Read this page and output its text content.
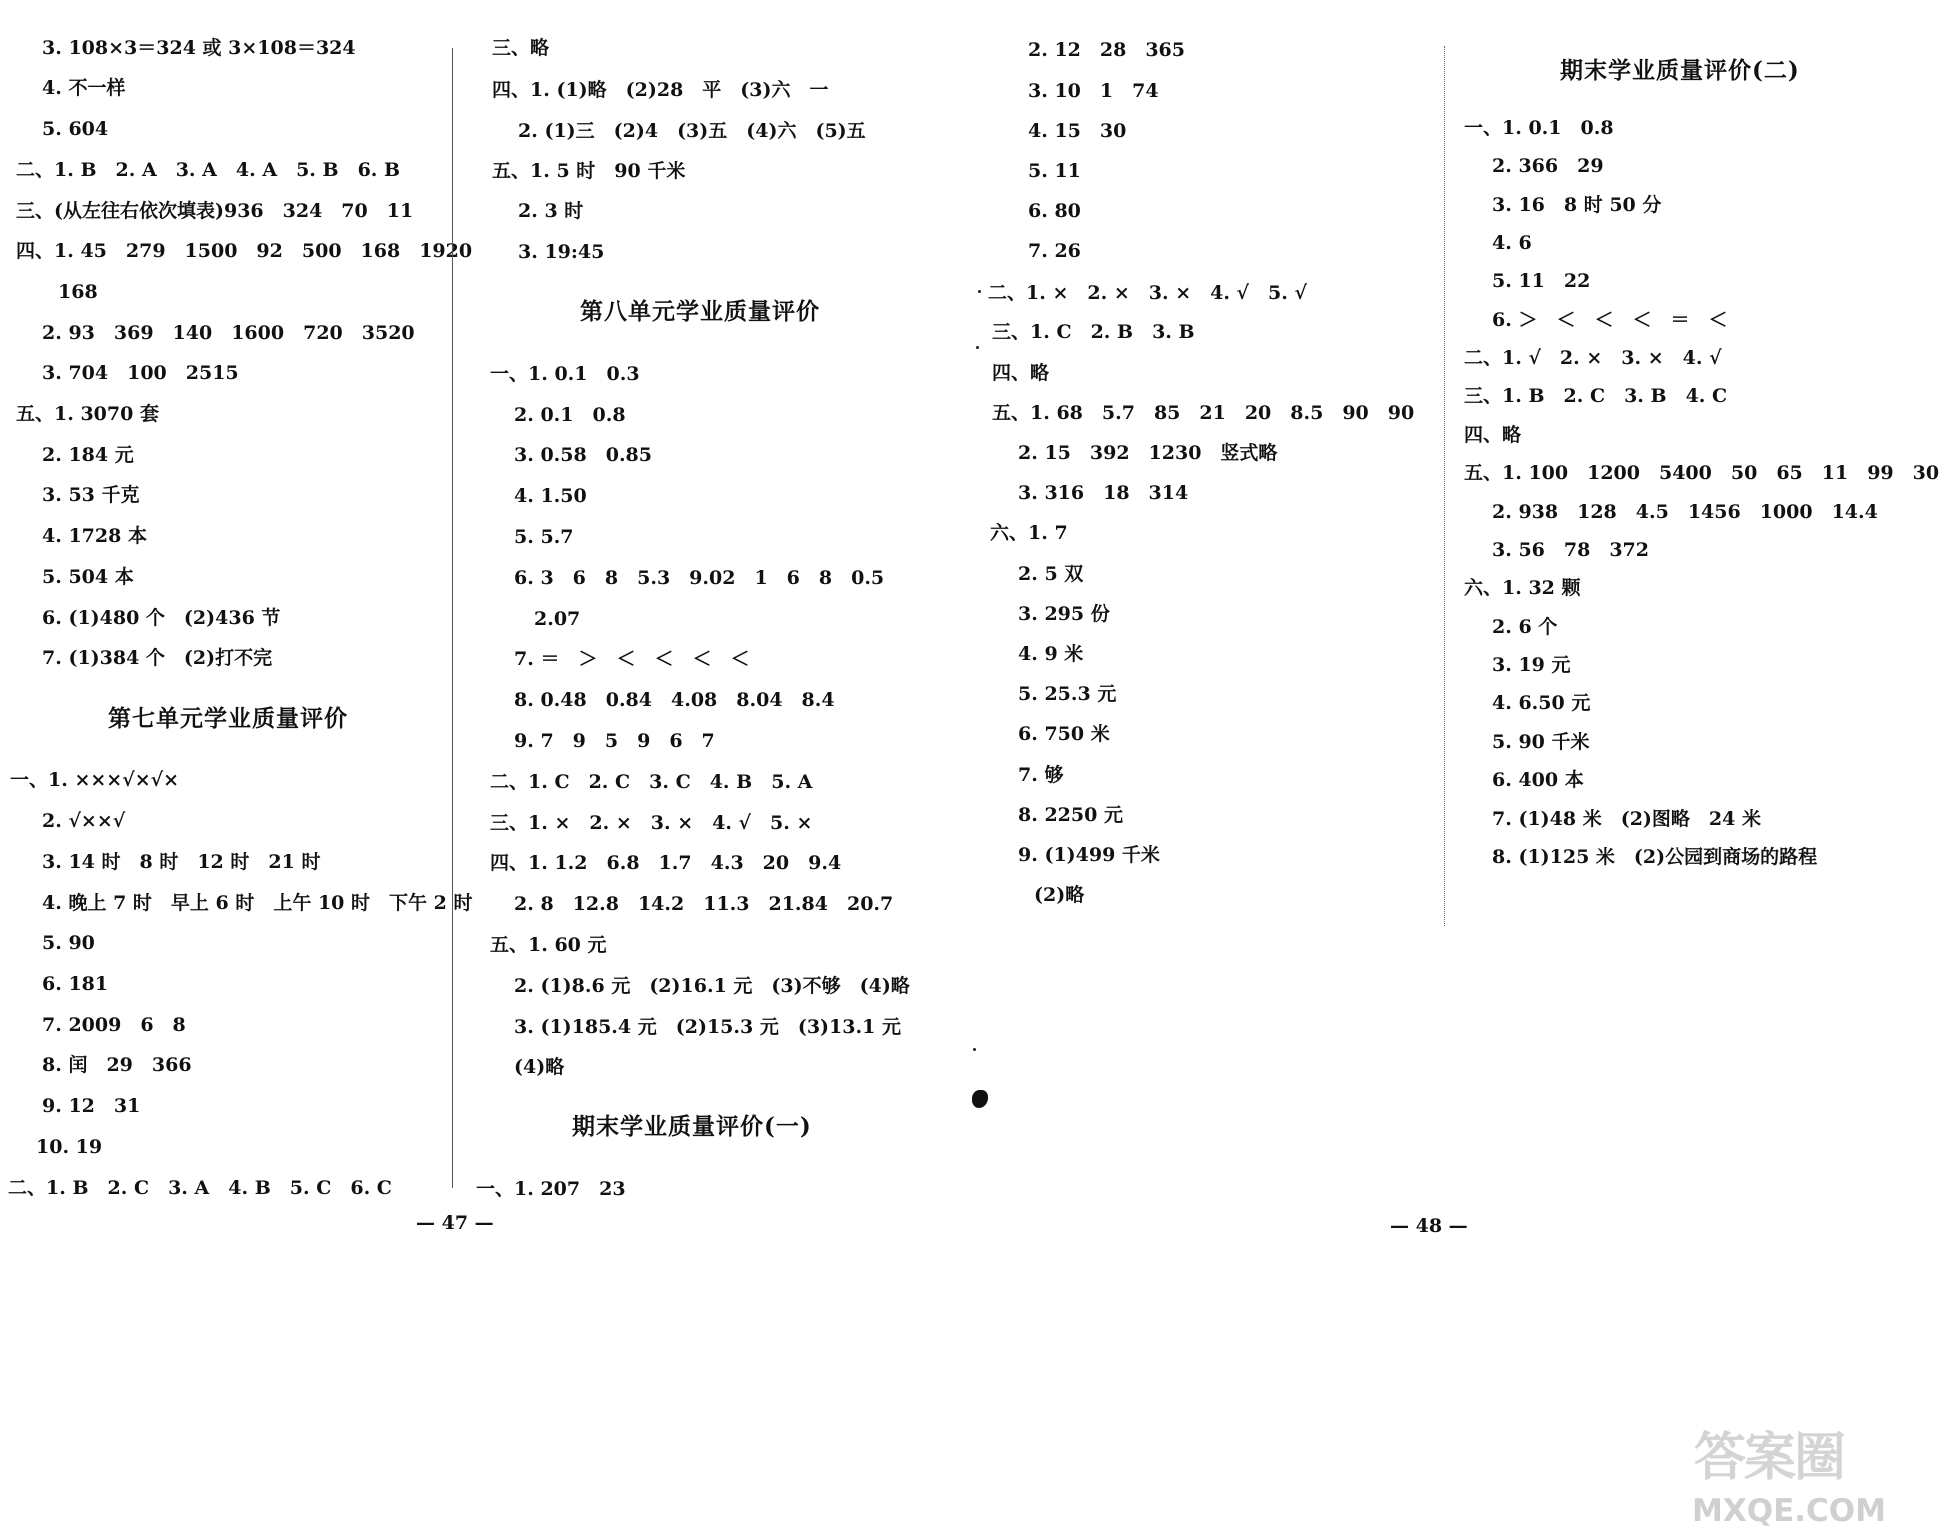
3. 108×3＝324 或 3×108＝324
4. 不一样
5. 604
二、1. B　2. A　3. A　4. A　5. B　6. B
三、(从左往右依次填表)936　324　70　11
四、1. 45　279　1500　92　500　168　1920
168
2. 93　369　140　1600　720　3520
3. 704　100　2515
五、1. 3070 套
2. 184 元
3. 53 千克
4. 1728 本
5. 504 本
6. (1)480 个　(2)436 节
7. (1)384 个　(2)打不完
第七单元学业质量评价
一、1. ×××√×√×
2. √××√
3. 14 时　8 时　12 时　21 时
4. 晚上 7 时　早上 6 时　上午 10 时　下午 2 时
5. 90
6. 181
7. 2009　6　8
8. 闰　29　366
9. 12　31
10. 19
二、1. B　2. C　3. A　4. B　5. C　6. C
三、略
四、1. (1)略　(2)28　平　(3)六　一
2. (1)三　(2)4　(3)五　(4)六　(5)五
五、1. 5 时　90 千米
2. 3 时
3. 19:45
第八单元学业质量评价
一、1. 0.1　0.3
2. 0.1　0.8
3. 0.58　0.85
4. 1.50
5. 5.7
6. 3　6　8　5.3　9.02　1　6　8　0.5
2.07
7. ＝　＞　＜　＜　＜　＜
8. 0.48　0.84　4.08　8.04　8.4
9. 7　9　5　9　6　7
二、1. C　2. C　3. C　4. B　5. A
三、1. ×　2. ×　3. ×　4. √　5. ×
四、1. 1.2　6.8　1.7　4.3　20　9.4
2. 8　12.8　14.2　11.3　21.84　20.7
五、1. 60 元
2. (1)8.6 元　(2)16.1 元　(3)不够　(4)略
3. (1)185.4 元　(2)15.3 元　(3)13.1 元
(4)略
期末学业质量评价(一)
一、1. 207　23
2. 12　28　365
3. 10　1　74
4. 15　30
5. 11
6. 80
7. 26
二、1. ×　2. ×　3. ×　4. √　5. √
三、1. C　2. B　3. B
四、略
五、1. 68　5.7　85　21　20　8.5　90　90
2. 15　392　1230　竖式略
3. 316　18　314
六、1. 7
2. 5 双
3. 295 份
4. 9 米
5. 25.3 元
6. 750 米
7. 够
8. 2250 元
9. (1)499 千米
(2)略
期末学业质量评价(二)
一、1. 0.1　0.8
2. 366　29
3. 16　8 时 50 分
4. 6
5. 11　22
6. ＞　＜　＜　＜　＝　＜
二、1. √　2. ×　3. ×　4. √
三、1. B　2. C　3. B　4. C
四、略
五、1. 100　1200　5400　50　65　11　99　30
2. 938　128　4.5　1456　1000　14.4
3. 56　78　372
六、1. 32 颗
2. 6 个
3. 19 元
4. 6.50 元
5. 90 千米
6. 400 本
7. (1)48 米　(2)图略　24 米
8. (1)125 米　(2)公园到商场的路程
— 47 —	— 48 —
答案圈
MXQE.COM
